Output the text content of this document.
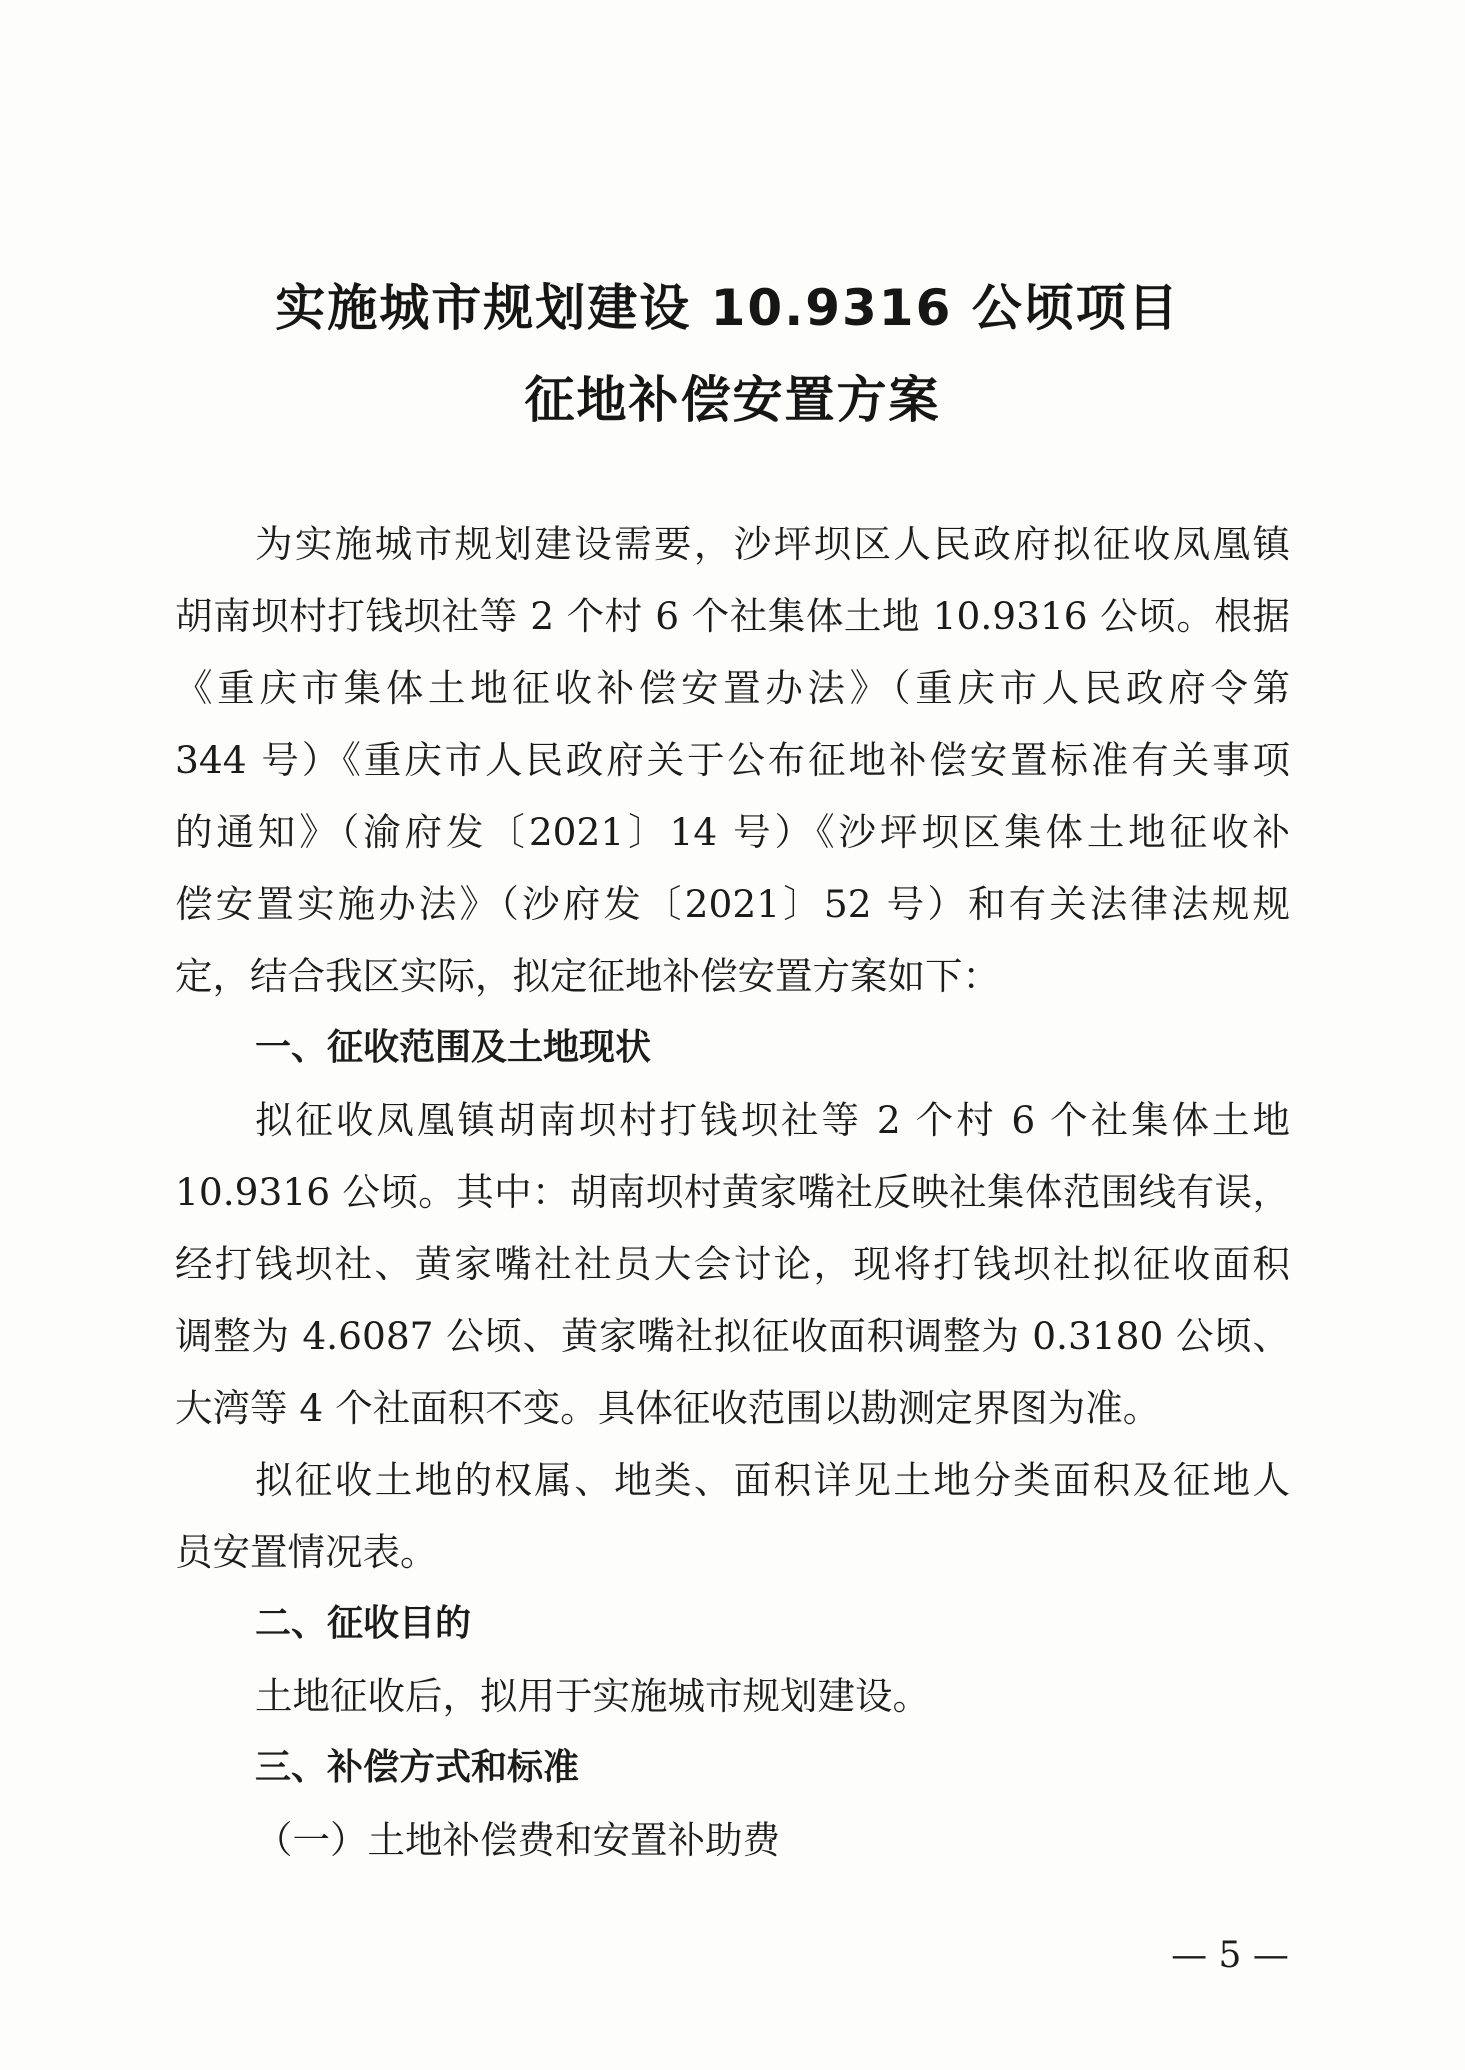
实施城市规划建设 10.9316 公顷项目
征地补偿安置方案
为实施城市规划建设需要，沙坪坝区人民政府拟征收凤凰镇
胡南坝村打钱坝社等 2 个村 6 个社集体土地 10.9316 公顷。根据
《重庆市集体土地征收补偿安置办法》（重庆市人民政府令第
344 号）《重庆市人民政府关于公布征地补偿安置标准有关事项
的通知》（渝府发〔2021〕14 号）《沙坪坝区集体土地征收补
偿安置实施办法》（沙府发〔2021〕52 号）和有关法律法规规
定，结合我区实际，拟定征地补偿安置方案如下：
一、征收范围及土地现状
拟征收凤凰镇胡南坝村打钱坝社等 2 个村 6 个社集体土地
10.9316 公顷。其中：胡南坝村黄家嘴社反映社集体范围线有误，
经打钱坝社、黄家嘴社社员大会讨论，现将打钱坝社拟征收面积
调整为 4.6087 公顷、黄家嘴社拟征收面积调整为 0.3180 公顷、
大湾等 4 个社面积不变。具体征收范围以勘测定界图为准。
拟征收土地的权属、地类、面积详见土地分类面积及征地人
员安置情况表。
二、征收目的
土地征收后，拟用于实施城市规划建设。
三、补偿方式和标准
（一）土地补偿费和安置补助费
— 5 —
